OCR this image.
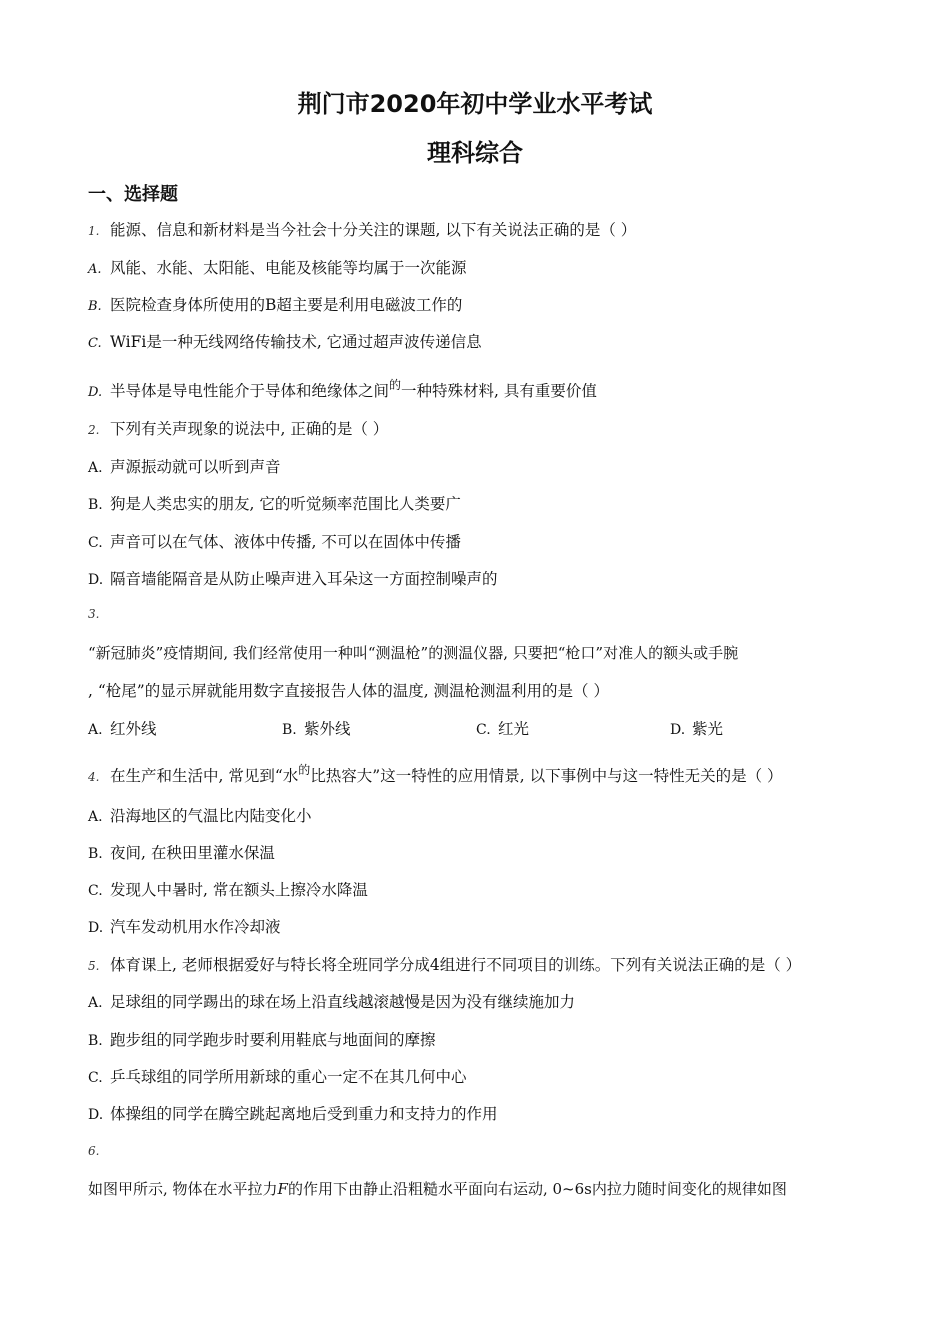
荆门市2020年初中学业水平考试
理科综合
一、选择题
1. 能源、信息和新材料是当今社会十分关注的课题, 以下有关说法正确的是（ ）
A. 风能、水能、太阳能、电能及核能等均属于一次能源
B. 医院检查身体所使用的B超主要是利用电磁波工作的
C. WiFi是一种无线网络传输技术, 它通过超声波传递信息
D. 半导体是导电性能介于导体和绝缘体之间$^的$一种特殊材料, 具有重要价值
2. 下列有关声现象的说法中, 正确的是（ ）
A. 声源振动就可以听到声音
B. 狗是人类忠实的朋友, 它的听觉频率范围比人类要广
C. 声音可以在气体、液体中传播, 不可以在固体中传播
D. 隔音墙能隔音是从防止噪声进入耳朵这一方面控制噪声的
3.
“新冠肺炎”疫情期间, 我们经常使用一种叫“测温枪”的测温仪器, 只要把“枪口”对准人的额头或手腕
, “枪尾”的显示屏就能用数字直接报告人体的温度, 测温枪测温利用的是（ ）
A. 红外线	B. 紫外线	C. 红光	D. 紫光
4. 在生产和生活中, 常见到“水$^的$比热容大”这一特性的应用情景, 以下事例中与这一特性无关的是（ ）
A. 沿海地区的气温比内陆变化小
B. 夜间, 在秧田里灌水保温
C. 发现人中暑时, 常在额头上擦冷水降温
D. 汽车发动机用水作冷却液
5. 体育课上, 老师根据爱好与特长将全班同学分成4组进行不同项目的训练。下列有关说法正确的是（ ）
A. 足球组的同学踢出的球在场上沿直线越滚越慢是因为没有继续施加力
B. 跑步组的同学跑步时要利用鞋底与地面间的摩擦
C. 乒乓球组的同学所用新球的重心一定不在其几何中心
D. 体操组的同学在腾空跳起离地后受到重力和支持力的作用
6.
如图甲所示, 物体在水平拉力F的作用下由静止沿粗糙水平面向右运动, 0~6s内拉力随时间变化的规律如图
